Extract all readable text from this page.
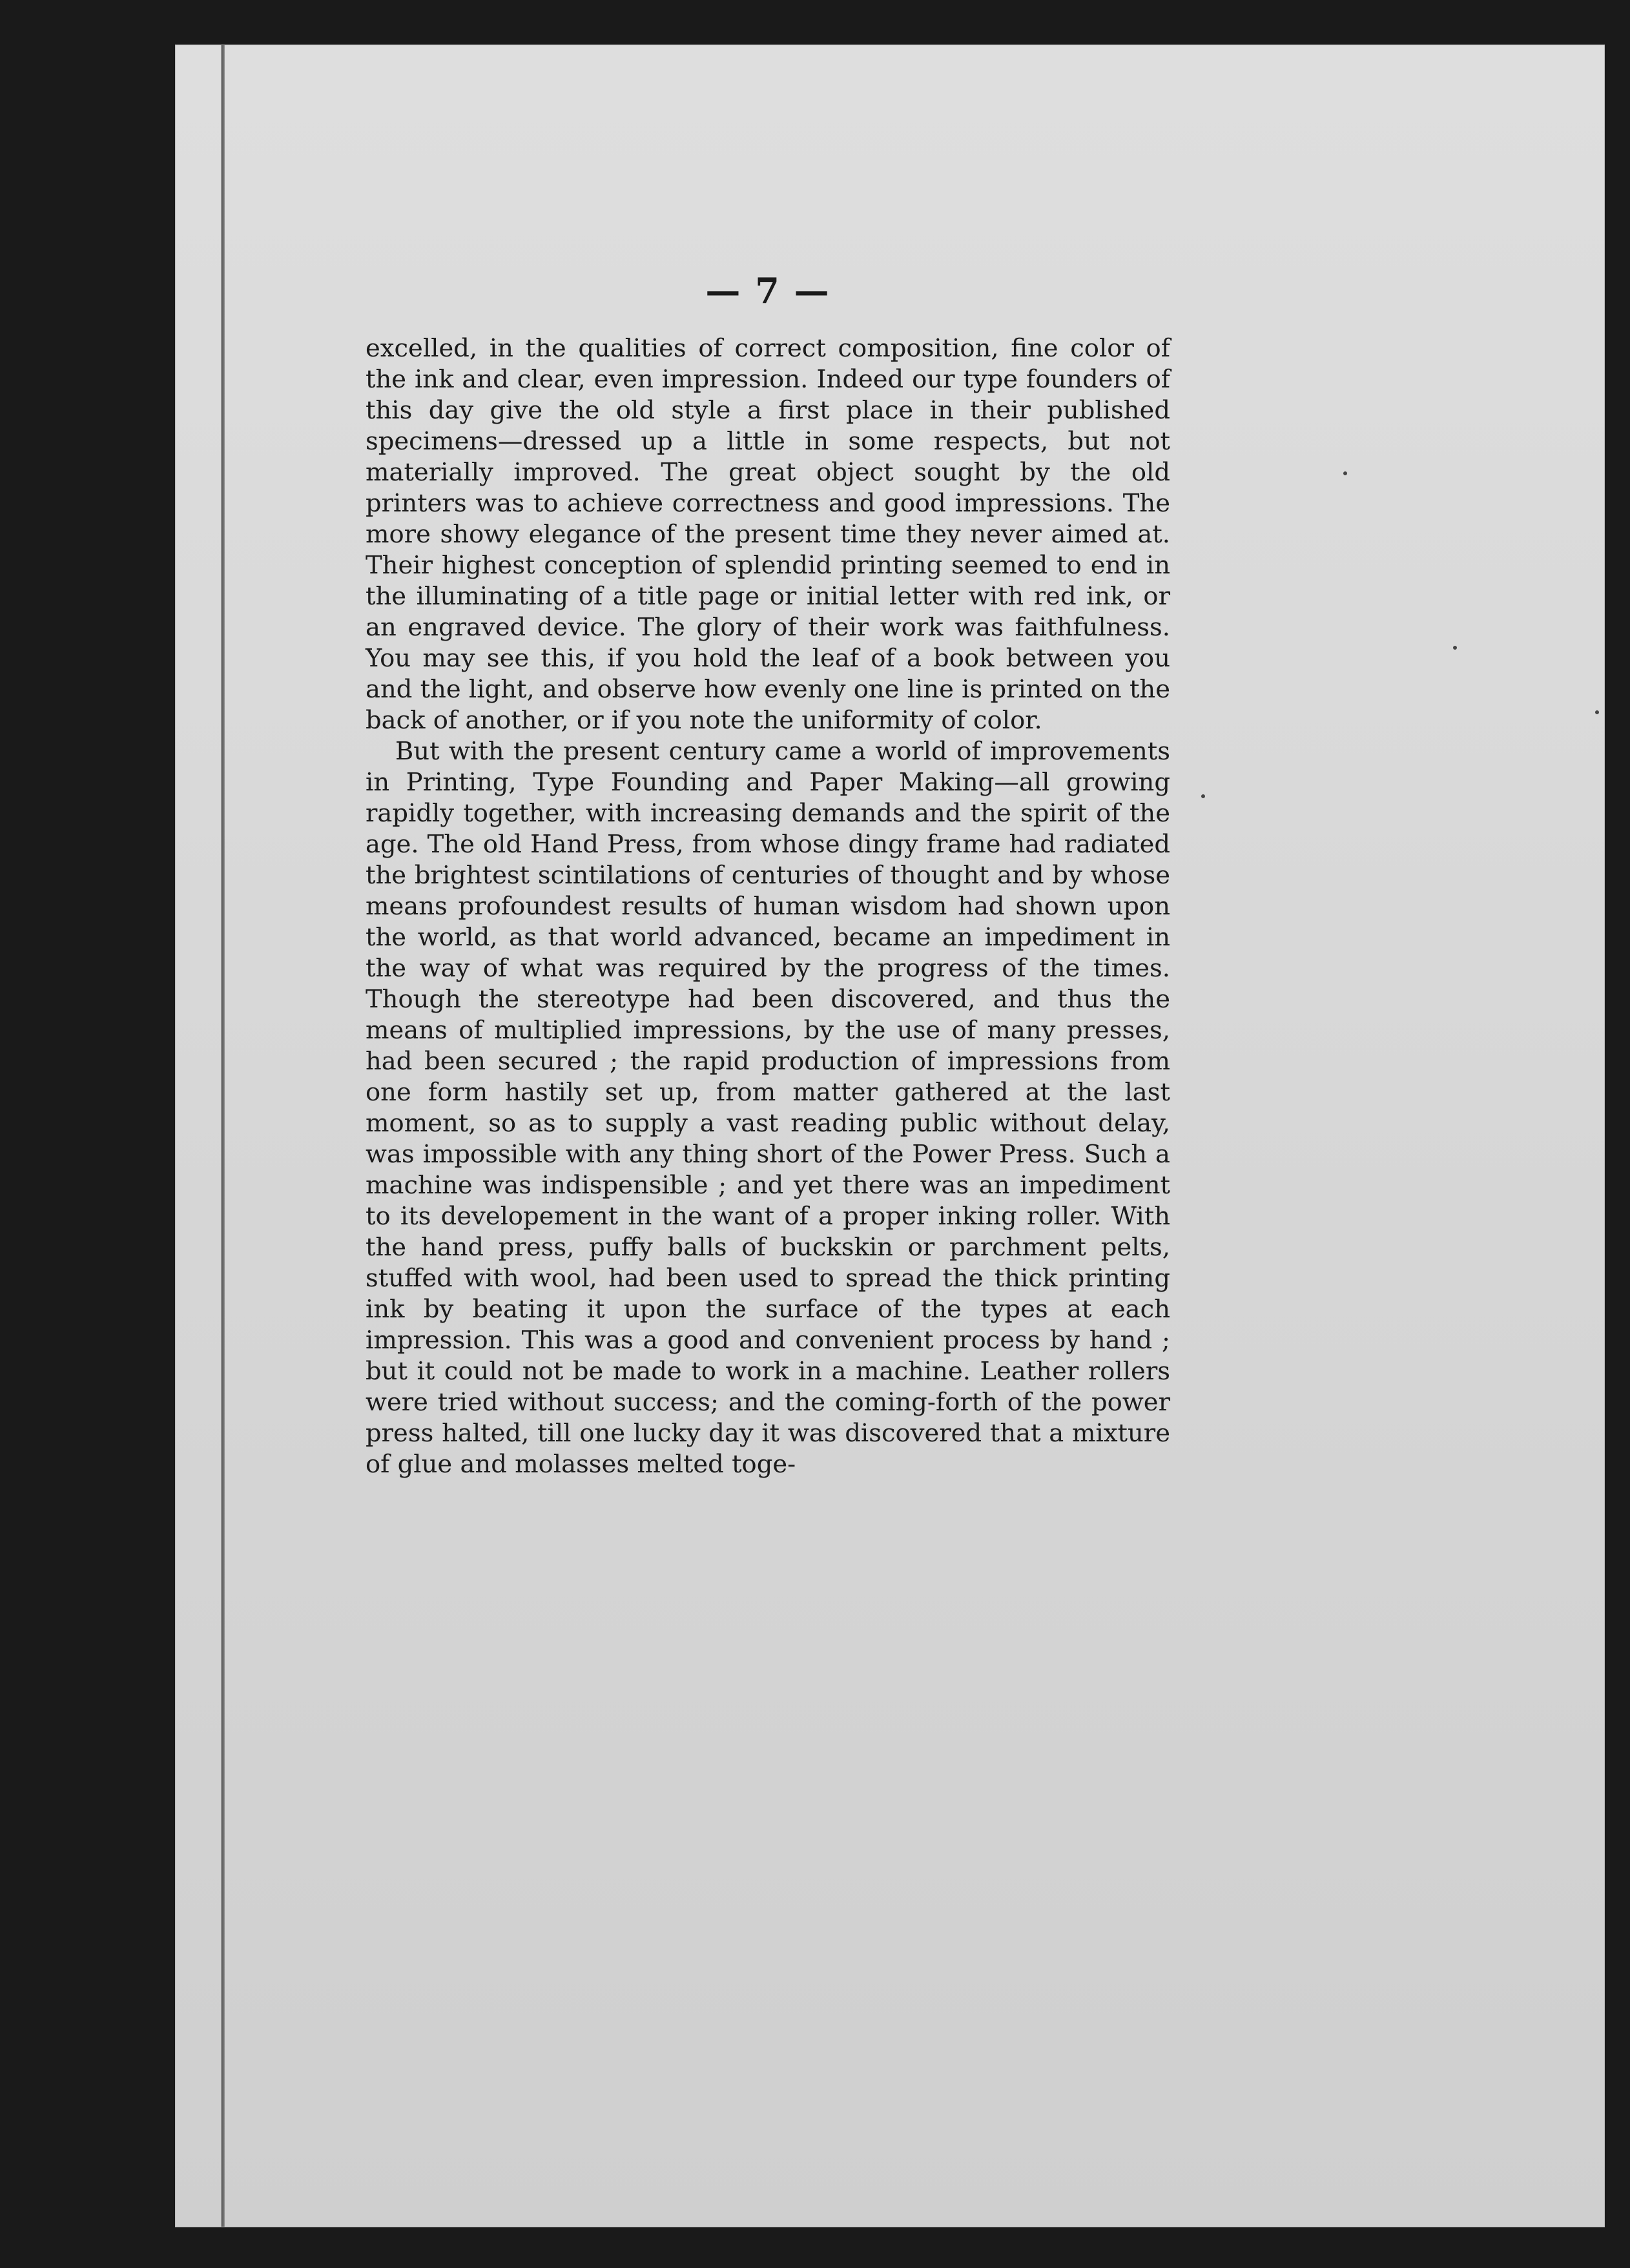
— 7 —

excelled, in the qualities of correct composition, fine color of the ink and clear, even impression. Indeed our type founders of this day give the old style a first place in their published specimens—dressed up a little in some respects, but not materially improved. The great object sought by the old printers was to achieve correctness and good impressions. The more showy elegance of the present time they never aimed at. Their highest conception of splendid printing seemed to end in the illuminating of a title page or initial letter with red ink, or an engraved device. The glory of their work was faithfulness. You may see this, if you hold the leaf of a book between you and the light, and observe how evenly one line is printed on the back of another, or if you note the uniformity of color.

But with the present century came a world of improvements in Printing, Type Founding and Paper Making—all growing rapidly together, with increasing demands and the spirit of the age. The old Hand Press, from whose dingy frame had radiated the brightest scintilations of centuries of thought and by whose means profoundest results of human wisdom had shown upon the world, as that world advanced, became an impediment in the way of what was required by the progress of the times. Though the stereotype had been discovered, and thus the means of multiplied impressions, by the use of many presses, had been secured ; the rapid production of impressions from one form hastily set up, from matter gathered at the last moment, so as to supply a vast reading public without delay, was impossible with any thing short of the Power Press. Such a machine was indispensible ; and yet there was an impediment to its developement in the want of a proper inking roller. With the hand press, puffy balls of buckskin or parchment pelts, stuffed with wool, had been used to spread the thick printing ink by beating it upon the surface of the types at each impression. This was a good and convenient process by hand ; but it could not be made to work in a machine. Leather rollers were tried without success; and the coming-forth of the power press halted, till one lucky day it was discovered that a mixture of glue and molasses melted toge-
